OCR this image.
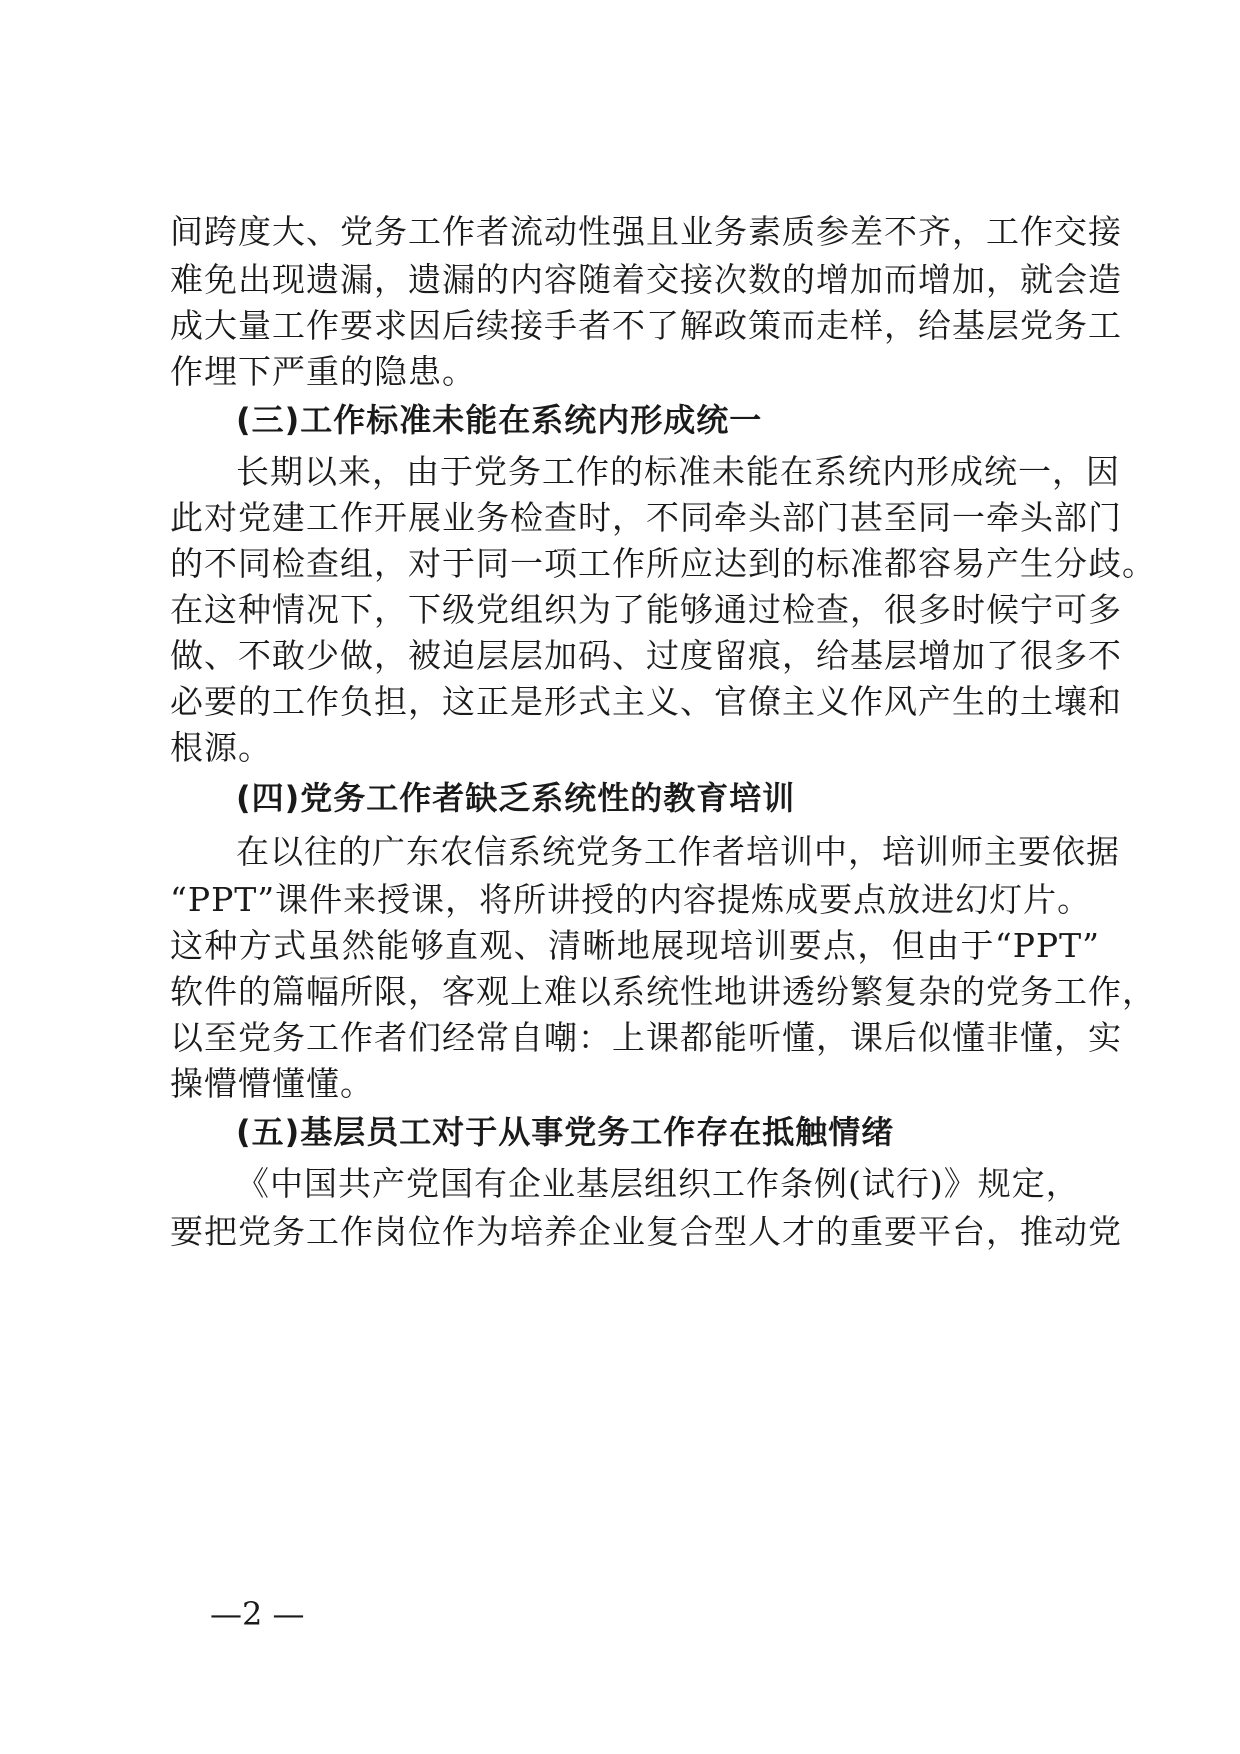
间跨度大、党务工作者流动性强且业务素质参差不齐，工作交接
难免出现遗漏，遗漏的内容随着交接次数的增加而增加，就会造
成大量工作要求因后续接手者不了解政策而走样，给基层党务工
作埋下严重的隐患。
(三)工作标准未能在系统内形成统一
长期以来，由于党务工作的标准未能在系统内形成统一，因
此对党建工作开展业务检查时，不同牵头部门甚至同一牵头部门
的不同检查组，对于同一项工作所应达到的标准都容易产生分歧。
在这种情况下，下级党组织为了能够通过检查，很多时候宁可多
做、不敢少做，被迫层层加码、过度留痕，给基层增加了很多不
必要的工作负担，这正是形式主义、官僚主义作风产生的土壤和
根源。
(四)党务工作者缺乏系统性的教育培训
在以往的广东农信系统党务工作者培训中，培训师主要依据
“PPT”课件来授课，将所讲授的内容提炼成要点放进幻灯片。
这种方式虽然能够直观、清晰地展现培训要点，但由于“PPT”
软件的篇幅所限，客观上难以系统性地讲透纷繁复杂的党务工作，
以至党务工作者们经常自嘲：上课都能听懂，课后似懂非懂，实
操懵懵懂懂。
(五)基层员工对于从事党务工作存在抵触情绪
《中国共产党国有企业基层组织工作条例(试行)》规定，
要把党务工作岗位作为培养企业复合型人才的重要平台，推动党
—2 —
